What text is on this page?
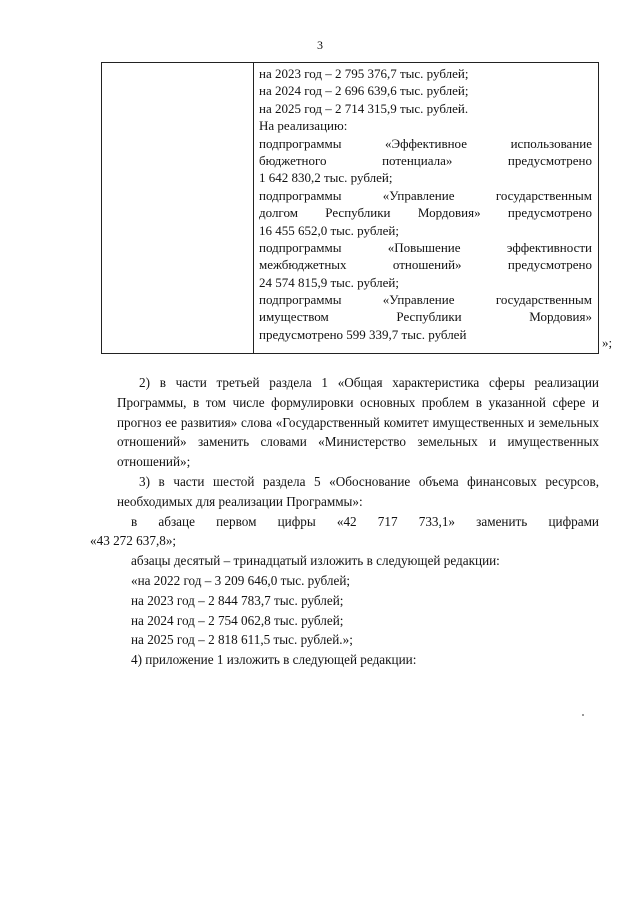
3
на 2023 год – 2 795 376,7 тыс. рублей;
на 2024 год – 2 696 639,6 тыс. рублей;
на 2025 год – 2 714 315,9 тыс. рублей.
На реализацию:
подпрограммы «Эффективное использование
бюджетного потенциала» предусмотрено
1 642 830,2 тыс. рублей;
подпрограммы «Управление государственным
долгом Республики Мордовия» предусмотрено
16 455 652,0 тыс. рублей;
подпрограммы «Повышение эффективности
межбюджетных отношений» предусмотрено
24 574 815,9 тыс. рублей;
подпрограммы «Управление государственным
имуществом Республики Мордовия»
предусмотрено 599 339,7 тыс. рублей
»;
2) в части третьей раздела 1 «Общая характеристика сферы реализации Программы, в том числе формулировки основных проблем в указанной сфере и прогноз ее развития» слова «Государственный комитет имущественных и земельных отношений» заменить словами «Министерство земельных и имущественных отношений»;
3) в части шестой раздела 5 «Обоснование объема финансовых ресурсов, необходимых для реализации Программы»:
в абзаце первом цифры «42 717 733,1» заменить цифрами
«43 272 637,8»;
абзацы десятый – тринадцатый изложить в следующей редакции:
«на 2022 год – 3 209 646,0 тыс. рублей;
на 2023 год – 2 844 783,7 тыс. рублей;
на 2024 год – 2 754 062,8 тыс. рублей;
на 2025 год – 2 818 611,5 тыс. рублей.»;
4) приложение 1 изложить в следующей редакции:
